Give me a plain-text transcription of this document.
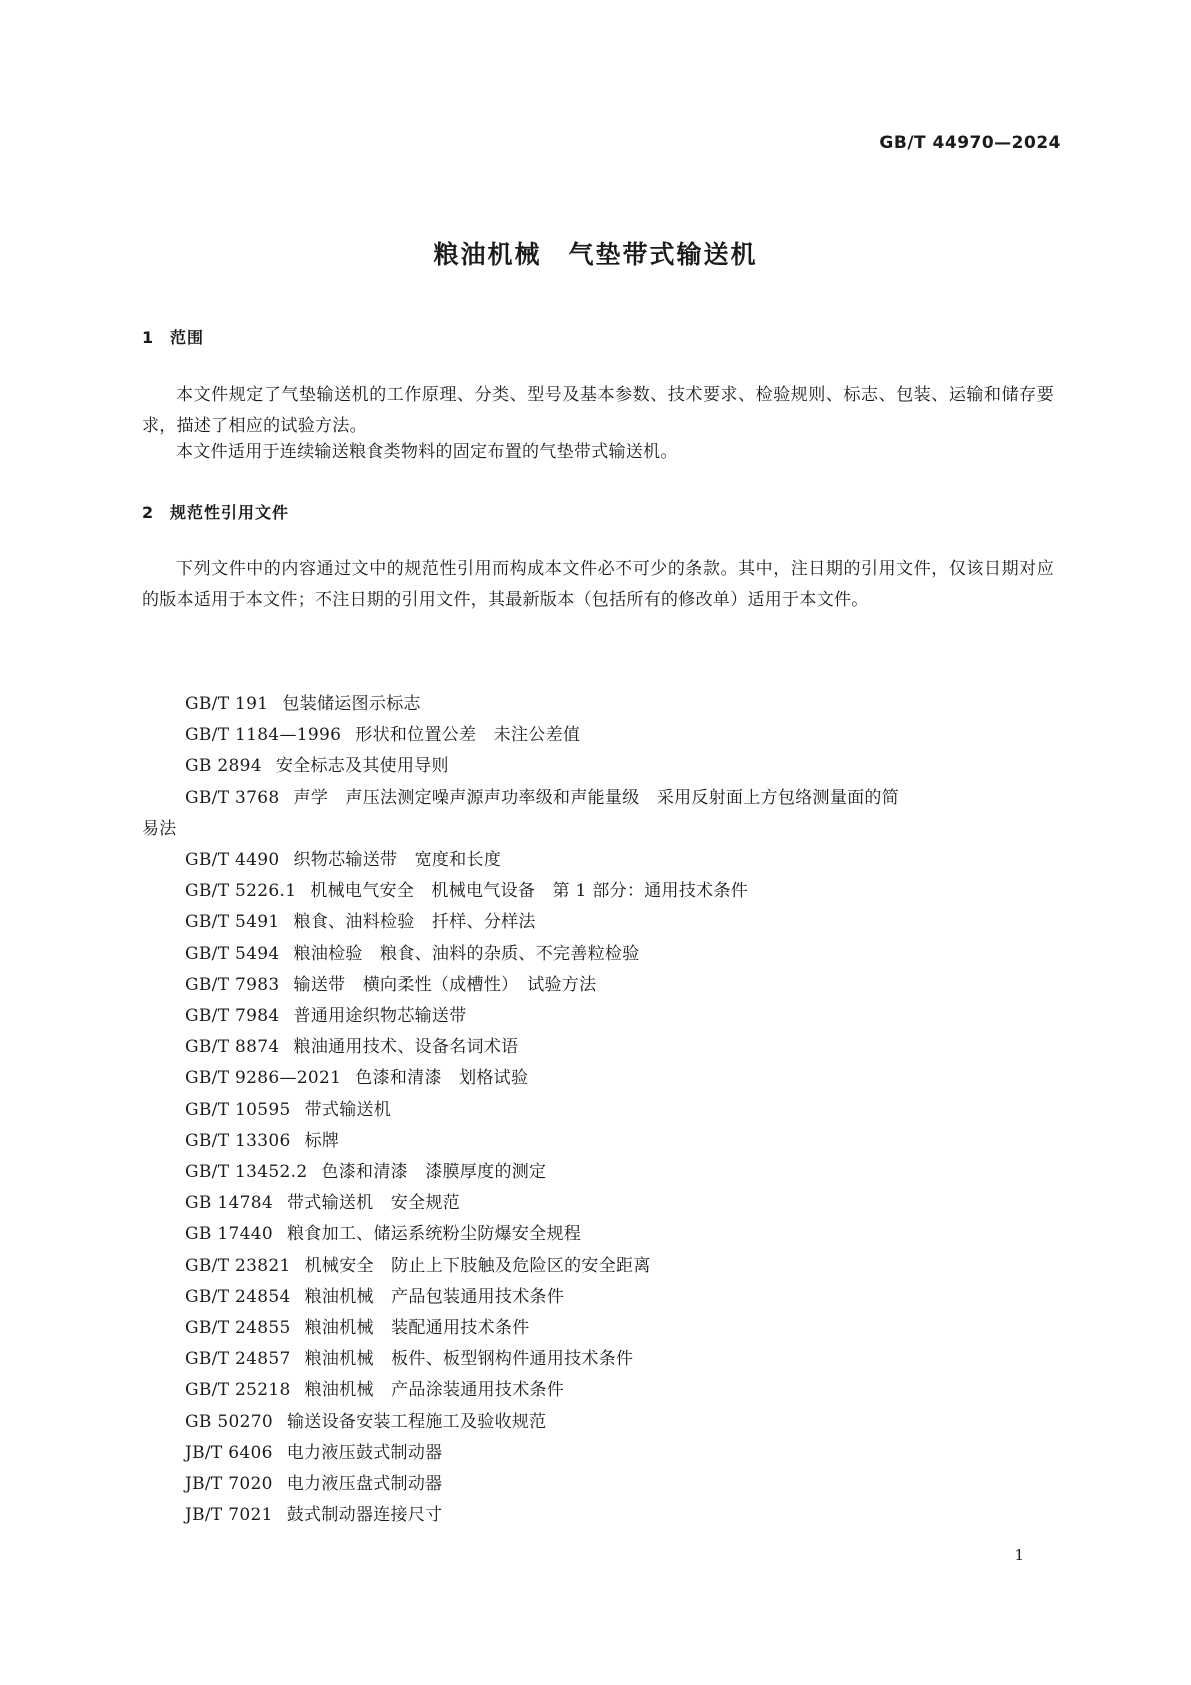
GB/T 44970—2024
粮油机械　气垫带式输送机
1 范围

本文件规定了气垫输送机的工作原理、分类、型号及基本参数、技术要求、检验规则、标志、包装、运输和储存要求，描述了相应的试验方法。

本文件适用于连续输送粮食类物料的固定布置的气垫带式输送机。

2 规范性引用文件

下列文件中的内容通过文中的规范性引用而构成本文件必不可少的条款。其中，注日期的引用文件，仅该日期对应的版本适用于本文件；不注日期的引用文件，其最新版本（包括所有的修改单）适用于本文件。

GB/T 191 包装储运图示标志
GB/T 1184—1996 形状和位置公差　未注公差值
GB 2894 安全标志及其使用导则
GB/T 3768 声学　声压法测定噪声源声功率级和声能量级　采用反射面上方包络测量面的简
易法
GB/T 4490 织物芯输送带　宽度和长度
GB/T 5226.1 机械电气安全　机械电气设备　第 1 部分：通用技术条件
GB/T 5491 粮食、油料检验　扦样、分样法
GB/T 5494 粮油检验　粮食、油料的杂质、不完善粒检验
GB/T 7983 输送带　横向柔性（成槽性）　试验方法
GB/T 7984 普通用途织物芯输送带
GB/T 8874 粮油通用技术、设备名词术语
GB/T 9286—2021 色漆和清漆　划格试验
GB/T 10595 带式输送机
GB/T 13306 标牌
GB/T 13452.2 色漆和清漆　漆膜厚度的测定
GB 14784 带式输送机　安全规范
GB 17440 粮食加工、储运系统粉尘防爆安全规程
GB/T 23821 机械安全　防止上下肢触及危险区的安全距离
GB/T 24854 粮油机械　产品包装通用技术条件
GB/T 24855 粮油机械　装配通用技术条件
GB/T 24857 粮油机械　板件、板型钢构件通用技术条件
GB/T 25218 粮油机械　产品涂装通用技术条件
GB 50270 输送设备安装工程施工及验收规范
JB/T 6406 电力液压鼓式制动器
JB/T 7020 电力液压盘式制动器
JB/T 7021 鼓式制动器连接尺寸
1
